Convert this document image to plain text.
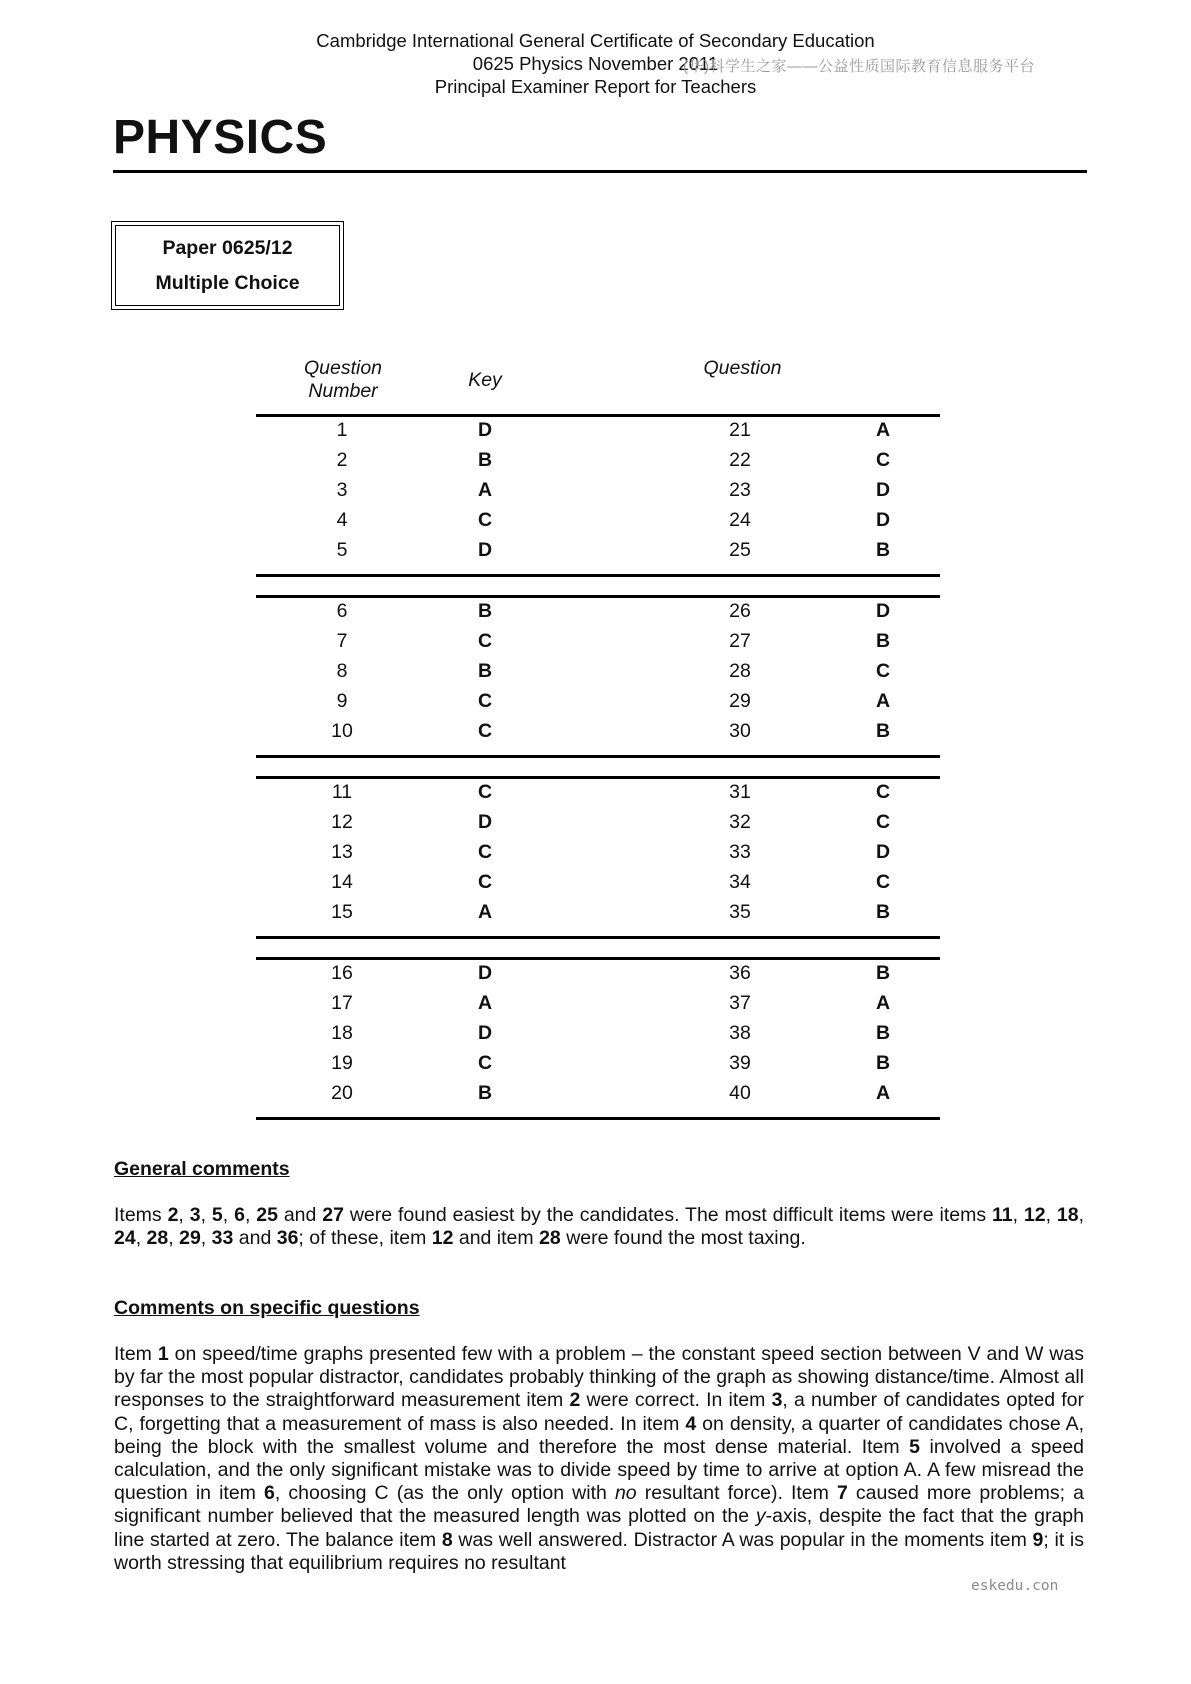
Cambridge International General Certificate of Secondary Education
0625 Physics November 2011
Principal Examiner Report for Teachers
(华)科学生之家——公益性质国际教育信息服务平台
PHYSICS
Paper 0625/12
Multiple Choice
Question
Number	Key
Question
1	D	21	A
2	B	22	C
3	A	23	D
4	C	24	D
5	D	25	B
6	B	26	D
7	C	27	B
8	B	28	C
9	C	29	A
10	C	30	B
11	C	31	C
12	D	32	C
13	C	33	D
14	C	34	C
15	A	35	B
16	D	36	B
17	A	37	A
18	D	38	B
19	C	39	B
20	B	40	A
General comments
Items 2, 3, 5, 6, 25 and 27 were found easiest by the candidates. The most difficult items were items 11, 12, 18, 24, 28, 29, 33 and 36; of these, item 12 and item 28 were found the most taxing.
Comments on specific questions
Item 1 on speed/time graphs presented few with a problem – the constant speed section between V and W was by far the most popular distractor, candidates probably thinking of the graph as showing distance/time. Almost all responses to the straightforward measurement item 2 were correct. In item 3, a number of candidates opted for C, forgetting that a measurement of mass is also needed. In item 4 on density, a quarter of candidates chose A, being the block with the smallest volume and therefore the most dense material. Item 5 involved a speed calculation, and the only significant mistake was to divide speed by time to arrive at option A. A few misread the question in item 6, choosing C (as the only option with no resultant force). Item 7 caused more problems; a significant number believed that the measured length was plotted on the y-axis, despite the fact that the graph line started at zero. The balance item 8 was well answered. Distractor A was popular in the moments item 9; it is worth stressing that equilibrium requires no resultant
eskedu.con
